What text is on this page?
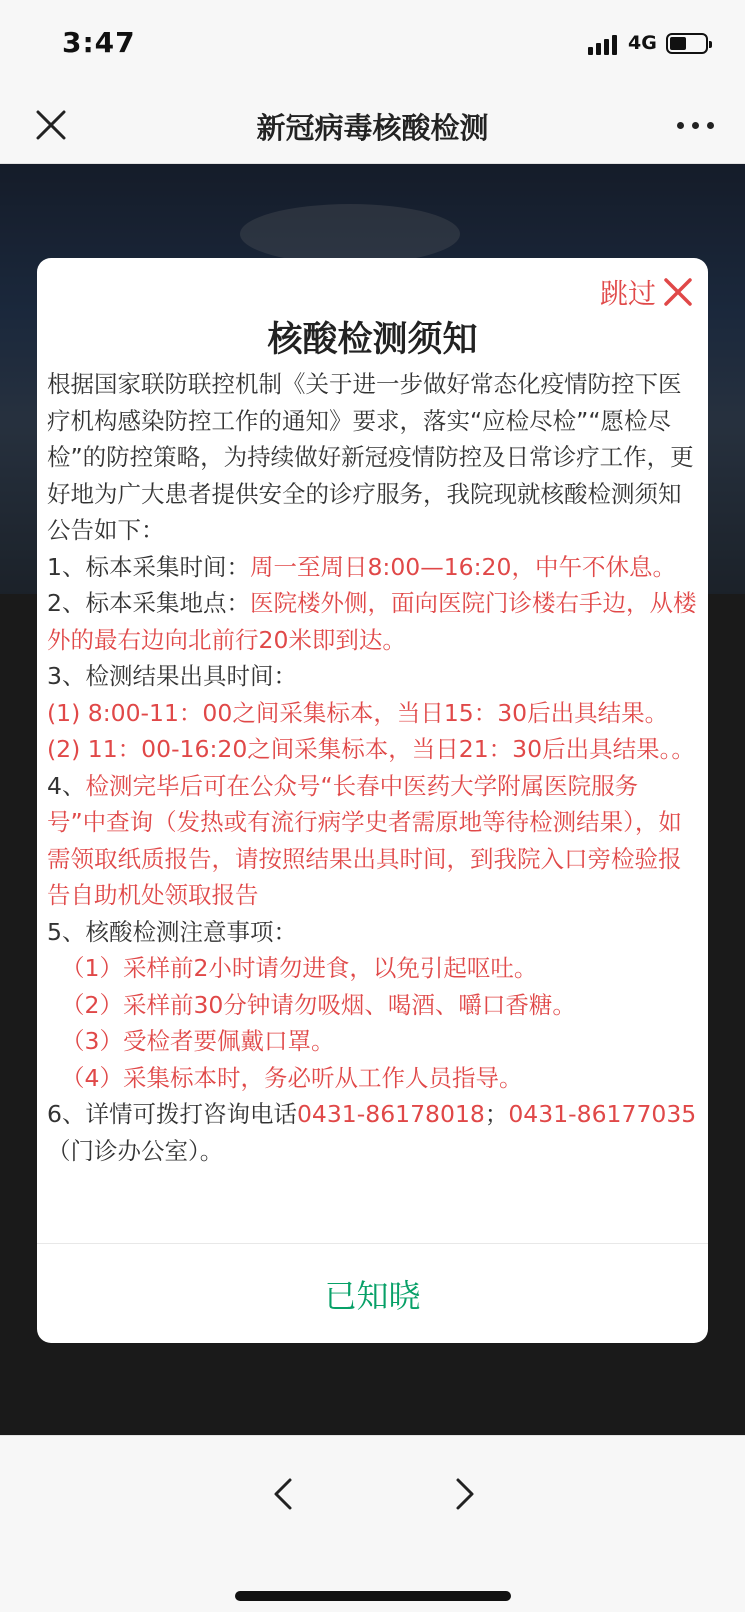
3:47	4G
新冠病毒核酸检测
跳过
核酸检测须知

根据国家联防联控机制《关于进一步做好常态化疫情防控下医疗机构感染防控工作的通知》要求，落实“应检尽检”“愿检尽检”的防控策略，为持续做好新冠疫情防控及日常诊疗工作，更好地为广大患者提供安全的诊疗服务，我院现就核酸检测须知公告如下：

1、标本采集时间：周一至周日8:00—16:20，中午不休息。

2、标本采集地点：医院楼外侧，面向医院门诊楼右手边，从楼外的最右边向北前行20米即到达。

3、检测结果出具时间：

(1) 8:00-11：00之间采集标本，当日15：30后出具结果。

(2) 11：00-16:20之间采集标本，当日21：30后出具结果。。

4、检测完毕后可在公众号“长春中医药大学附属医院服务号”中查询（发热或有流行病学史者需原地等待检测结果），如需领取纸质报告，请按照结果出具时间，到我院入口旁检验报告自助机处领取报告

5、核酸检测注意事项：

（1）采样前2小时请勿进食，以免引起呕吐。

（2）采样前30分钟请勿吸烟、喝酒、嚼口香糖。

（3）受检者要佩戴口罩。

（4）采集标本时，务必听从工作人员指导。

6、详情可拨打咨询电话0431-86178018；0431-86177035（门诊办公室）。

已知晓
